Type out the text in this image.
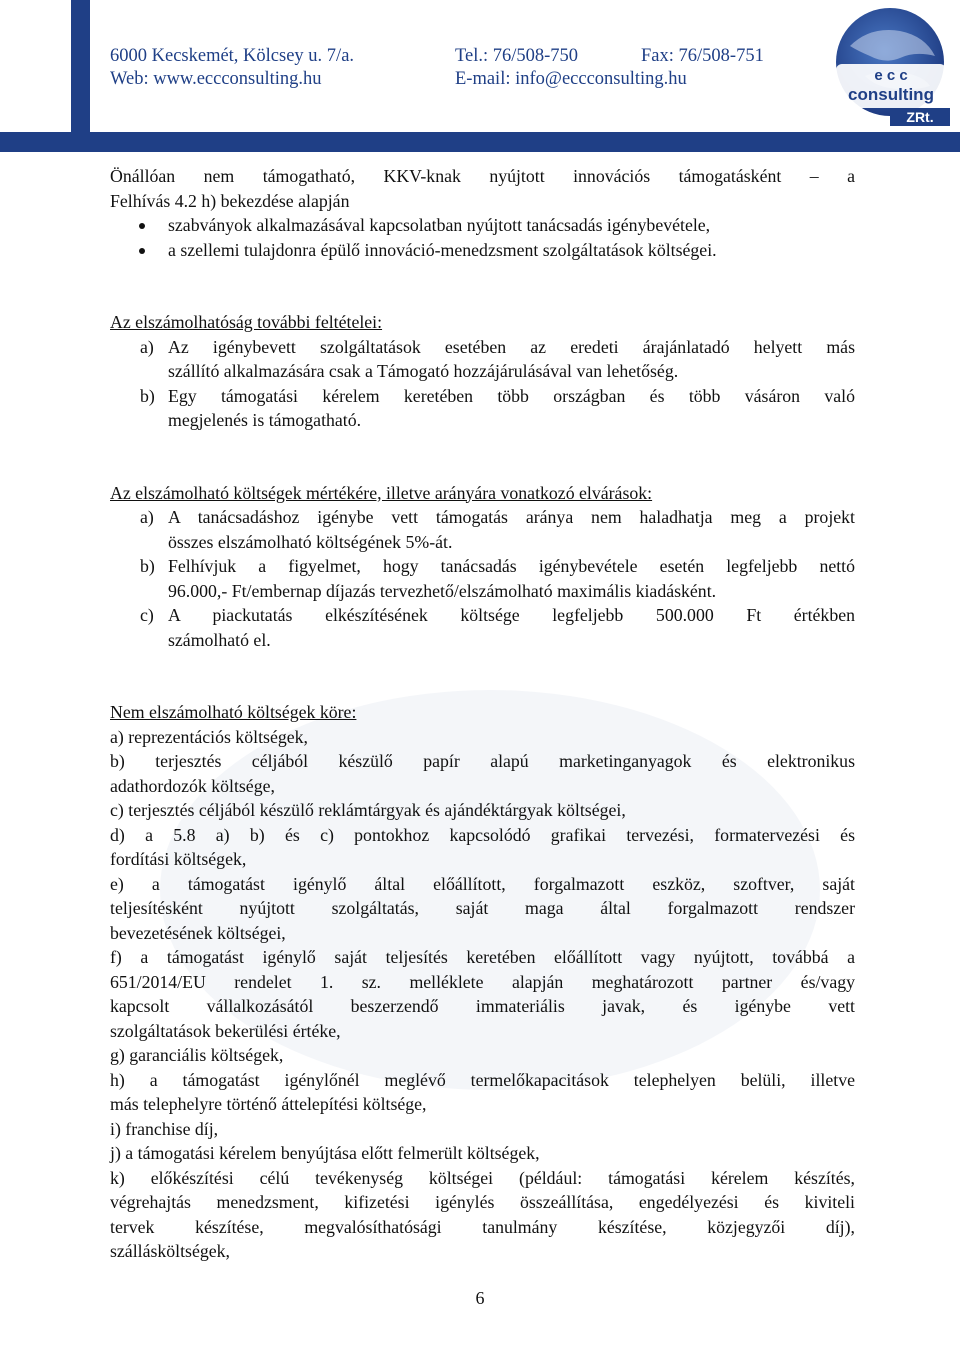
6000 Kecskemét, Kölcsey u. 7/a.	Tel.: 76/508-750	Fax: 76/508-751
Web: www.eccconsulting.hu	E-mail: info@eccconsulting.hu	e c c
consulting
ZRt.

Önállóan nem támogatható, KKV-knak nyújtott innovációs támogatásként – a

Felhívás 4.2 h) bekezdése alapján

szabványok alkalmazásával kapcsolatban nyújtott tanácsadás igénybevétele,
a szellemi tulajdonra épülő innováció-menedzsment szolgáltatások költségei.

Az elszámolhatóság további feltételei:

a) Az igénybevett szolgáltatások esetében az eredeti árajánlatadó helyett más

szállító alkalmazására csak a Támogató hozzájárulásával van lehetőség.

b) Egy támogatási kérelem keretében több országban és több vásáron való

megjelenés is támogatható.

Az elszámolható költségek mértékére, illetve arányára vonatkozó elvárások:

a) A tanácsadáshoz igénybe vett támogatás aránya nem haladhatja meg a projekt

összes elszámolható költségének 5%-át.

b) Felhívjuk a figyelmet, hogy tanácsadás igénybevétele esetén legfeljebb nettó

96.000,- Ft/embernap díjazás tervezhető/elszámolható maximális kiadásként.

c) A piackutatás elkészítésének költsége legfeljebb 500.000 Ft értékben

számolható el.

Nem elszámolható költségek köre:

a) reprezentációs költségek,

b) terjesztés céljából készülő papír alapú marketinganyagok és elektronikus

adathordozók költsége,

c) terjesztés céljából készülő reklámtárgyak és ajándéktárgyak költségei,

d) a 5.8 a) b) és c) pontokhoz kapcsolódó grafikai tervezési, formatervezési és

fordítási költségek,

e) a támogatást igénylő által előállított, forgalmazott eszköz, szoftver, saját

teljesítésként nyújtott szolgáltatás, saját maga által forgalmazott rendszer

bevezetésének költségei,

f) a támogatást igénylő saját teljesítés keretében előállított vagy nyújtott, továbbá a

651/2014/EU rendelet 1. sz. melléklete alapján meghatározott partner és/vagy

kapcsolt vállalkozásától beszerzendő immateriális javak, és igénybe vett

szolgáltatások bekerülési értéke,

g) garanciális költségek,

h) a támogatást igénylőnél meglévő termelőkapacitások telephelyen belüli, illetve

más telephelyre történő áttelepítési költsége,

i) franchise díj,

j) a támogatási kérelem benyújtása előtt felmerült költségek,

k) előkészítési célú tevékenység költségei (például: támogatási kérelem készítés,

végrehajtás menedzsment, kifizetési igénylés összeállítása, engedélyezési és kiviteli

tervek készítése, megvalósíthatósági tanulmány készítése, közjegyzői díj),

szállásköltségek,

6
